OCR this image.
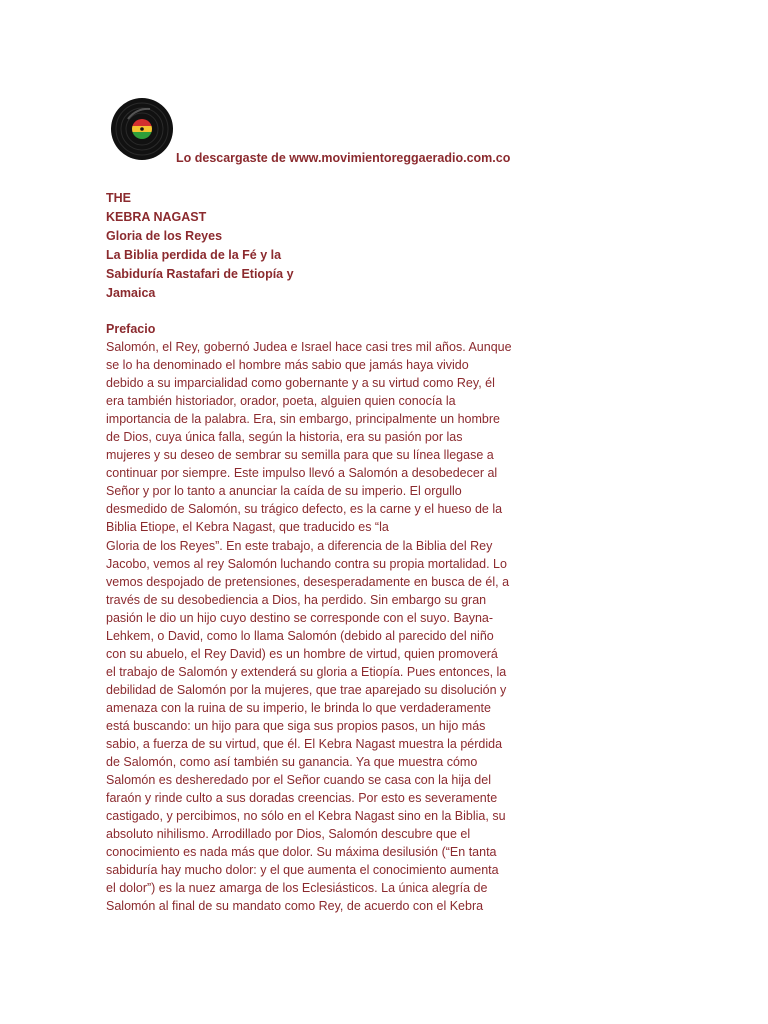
Lo descargaste de www.movimientoreggaeradio.com.co
THE
KEBRA NAGAST
Gloria de los Reyes
La Biblia perdida de la Fé y la
Sabiduría Rastafari de Etiopía y
Jamaica
Prefacio
Salomón, el Rey, gobernó Judea e Israel hace casi tres mil años. Aunque
se lo ha denominado el hombre más sabio que jamás haya vivido
debido a su imparcialidad como gobernante y a su virtud como Rey, él
era también historiador, orador, poeta, alguien quien conocía la
importancia de la palabra. Era, sin embargo, principalmente un hombre
de Dios, cuya única falla, según la historia, era su pasión por las
mujeres y su deseo de sembrar su semilla para que su línea llegase a
continuar por siempre. Este impulso llevó a Salomón a desobedecer al
Señor y por lo tanto a anunciar la caída de su imperio. El orgullo
desmedido de Salomón, su trágico defecto, es la carne y el hueso de la
Biblia Etiope, el Kebra Nagast, que traducido es “la
Gloria de los Reyes”. En este trabajo, a diferencia de la Biblia del Rey
Jacobo, vemos al rey Salomón luchando contra su propia mortalidad. Lo
vemos despojado de pretensiones, desesperadamente en busca de él, a
través de su desobediencia a Dios, ha perdido. Sin embargo su gran
pasión le dio un hijo cuyo destino se corresponde con el suyo. Bayna-
Lehkem, o David, como lo llama Salomón (debido al parecido del niño
con su abuelo, el Rey David) es un hombre de virtud, quien promoverá
el trabajo de Salomón y extenderá su gloria a Etiopía. Pues entonces, la
debilidad de Salomón por la mujeres, que trae aparejado su disolución y
amenaza con la ruina de su imperio, le brinda lo que verdaderamente
está buscando: un hijo para que siga sus propios pasos, un hijo más
sabio, a fuerza de su virtud, que él. El Kebra Nagast muestra la pérdida
de Salomón, como así también su ganancia. Ya que muestra cómo
Salomón es desheredado por el Señor cuando se casa con la hija del
faraón y rinde culto a sus doradas creencias. Por esto es severamente
castigado, y percibimos, no sólo en el Kebra Nagast sino en la Biblia, su
absoluto nihilismo. Arrodillado por Dios, Salomón descubre que el
conocimiento es nada más que dolor. Su máxima desilusión (“En tanta
sabiduría hay mucho dolor: y el que aumenta el conocimiento aumenta
el dolor”) es la nuez amarga de los Eclesiásticos. La única alegría de
Salomón al final de su mandato como Rey, de acuerdo con el Kebra
